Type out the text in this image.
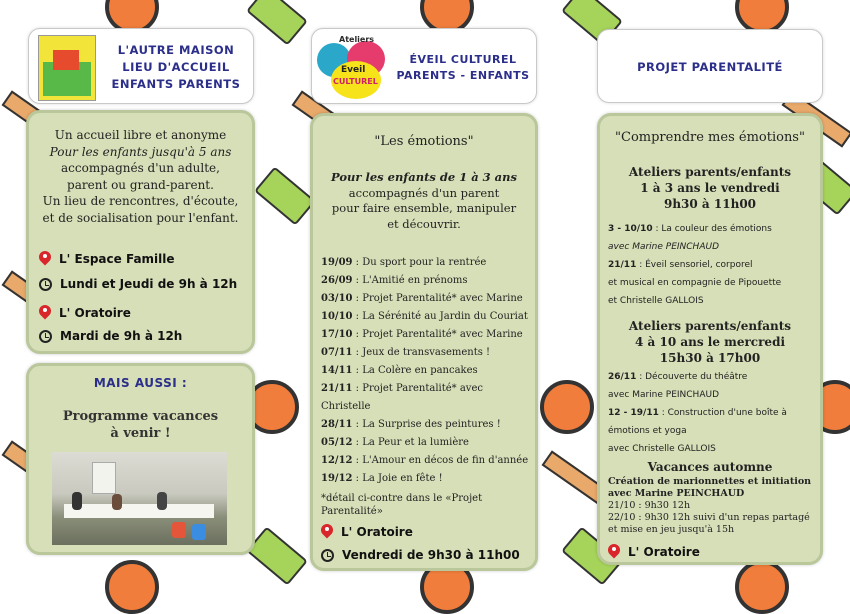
L'AUTRE MAISON
LIEU D'ACCUEIL
ENFANTS PARENTS
Un accueil libre et anonyme
Pour les enfants jusqu'à 5 ans
accompagnés d'un adulte,
parent ou grand-parent.
Un lieu de rencontres, d'écoute,
et de socialisation pour l'enfant.
L' Espace Famille
Lundi et Jeudi de 9h à 12h
L' Oratoire
Mardi de 9h à 12h
MAIS AUSSI :
Programme vacances
à venir !
Ateliers
Eveil
CULTUREL
ÉVEIL CULTUREL
PARENTS - ENFANTS
"Les émotions"
Pour les enfants de 1 à 3 ans
accompagnés d'un parent
pour faire ensemble, manipuler
et découvrir.
19/09 : Du sport pour la rentrée
26/09 : L'Amitié en prénoms
03/10 : Projet Parentalité* avec Marine
10/10 : La Sérénité au Jardin du Couriat
17/10 : Projet Parentalité* avec Marine
07/11 : Jeux de transvasements !
14/11 : La Colère en pancakes
21/11 : Projet Parentalité* avec
Christelle
28/11 : La Surprise des peintures !
05/12 : La Peur et la lumière
12/12 : L'Amour en décos de fin d'année
19/12 : La Joie en fête !
*détail ci-contre dans le «Projet
Parentalité»
L' Oratoire
Vendredi de 9h30 à 11h00
PROJET PARENTALITÉ
"Comprendre mes émotions"
Ateliers parents/enfants
1 à 3 ans le vendredi
9h30 à 11h00
3 - 10/10 : La couleur des émotions
avec Marine PEINCHAUD
21/11 : Éveil sensoriel, corporel
et musical en compagnie de Pipouette
et Christelle GALLOIS
Ateliers parents/enfants
4 à 10 ans le mercredi
15h30 à 17h00
26/11 : Découverte du théâtre
avec Marine PEINCHAUD
12 - 19/11 : Construction d'une boîte à
émotions et yoga
avec Christelle GALLOIS
Vacances automne
Création de marionnettes et initiation
avec Marine PEINCHAUD
21/10 : 9h30 12h
22/10 : 9h30 12h suivi d'un repas partagé
et mise en jeu jusqu'à 15h
L' Oratoire
